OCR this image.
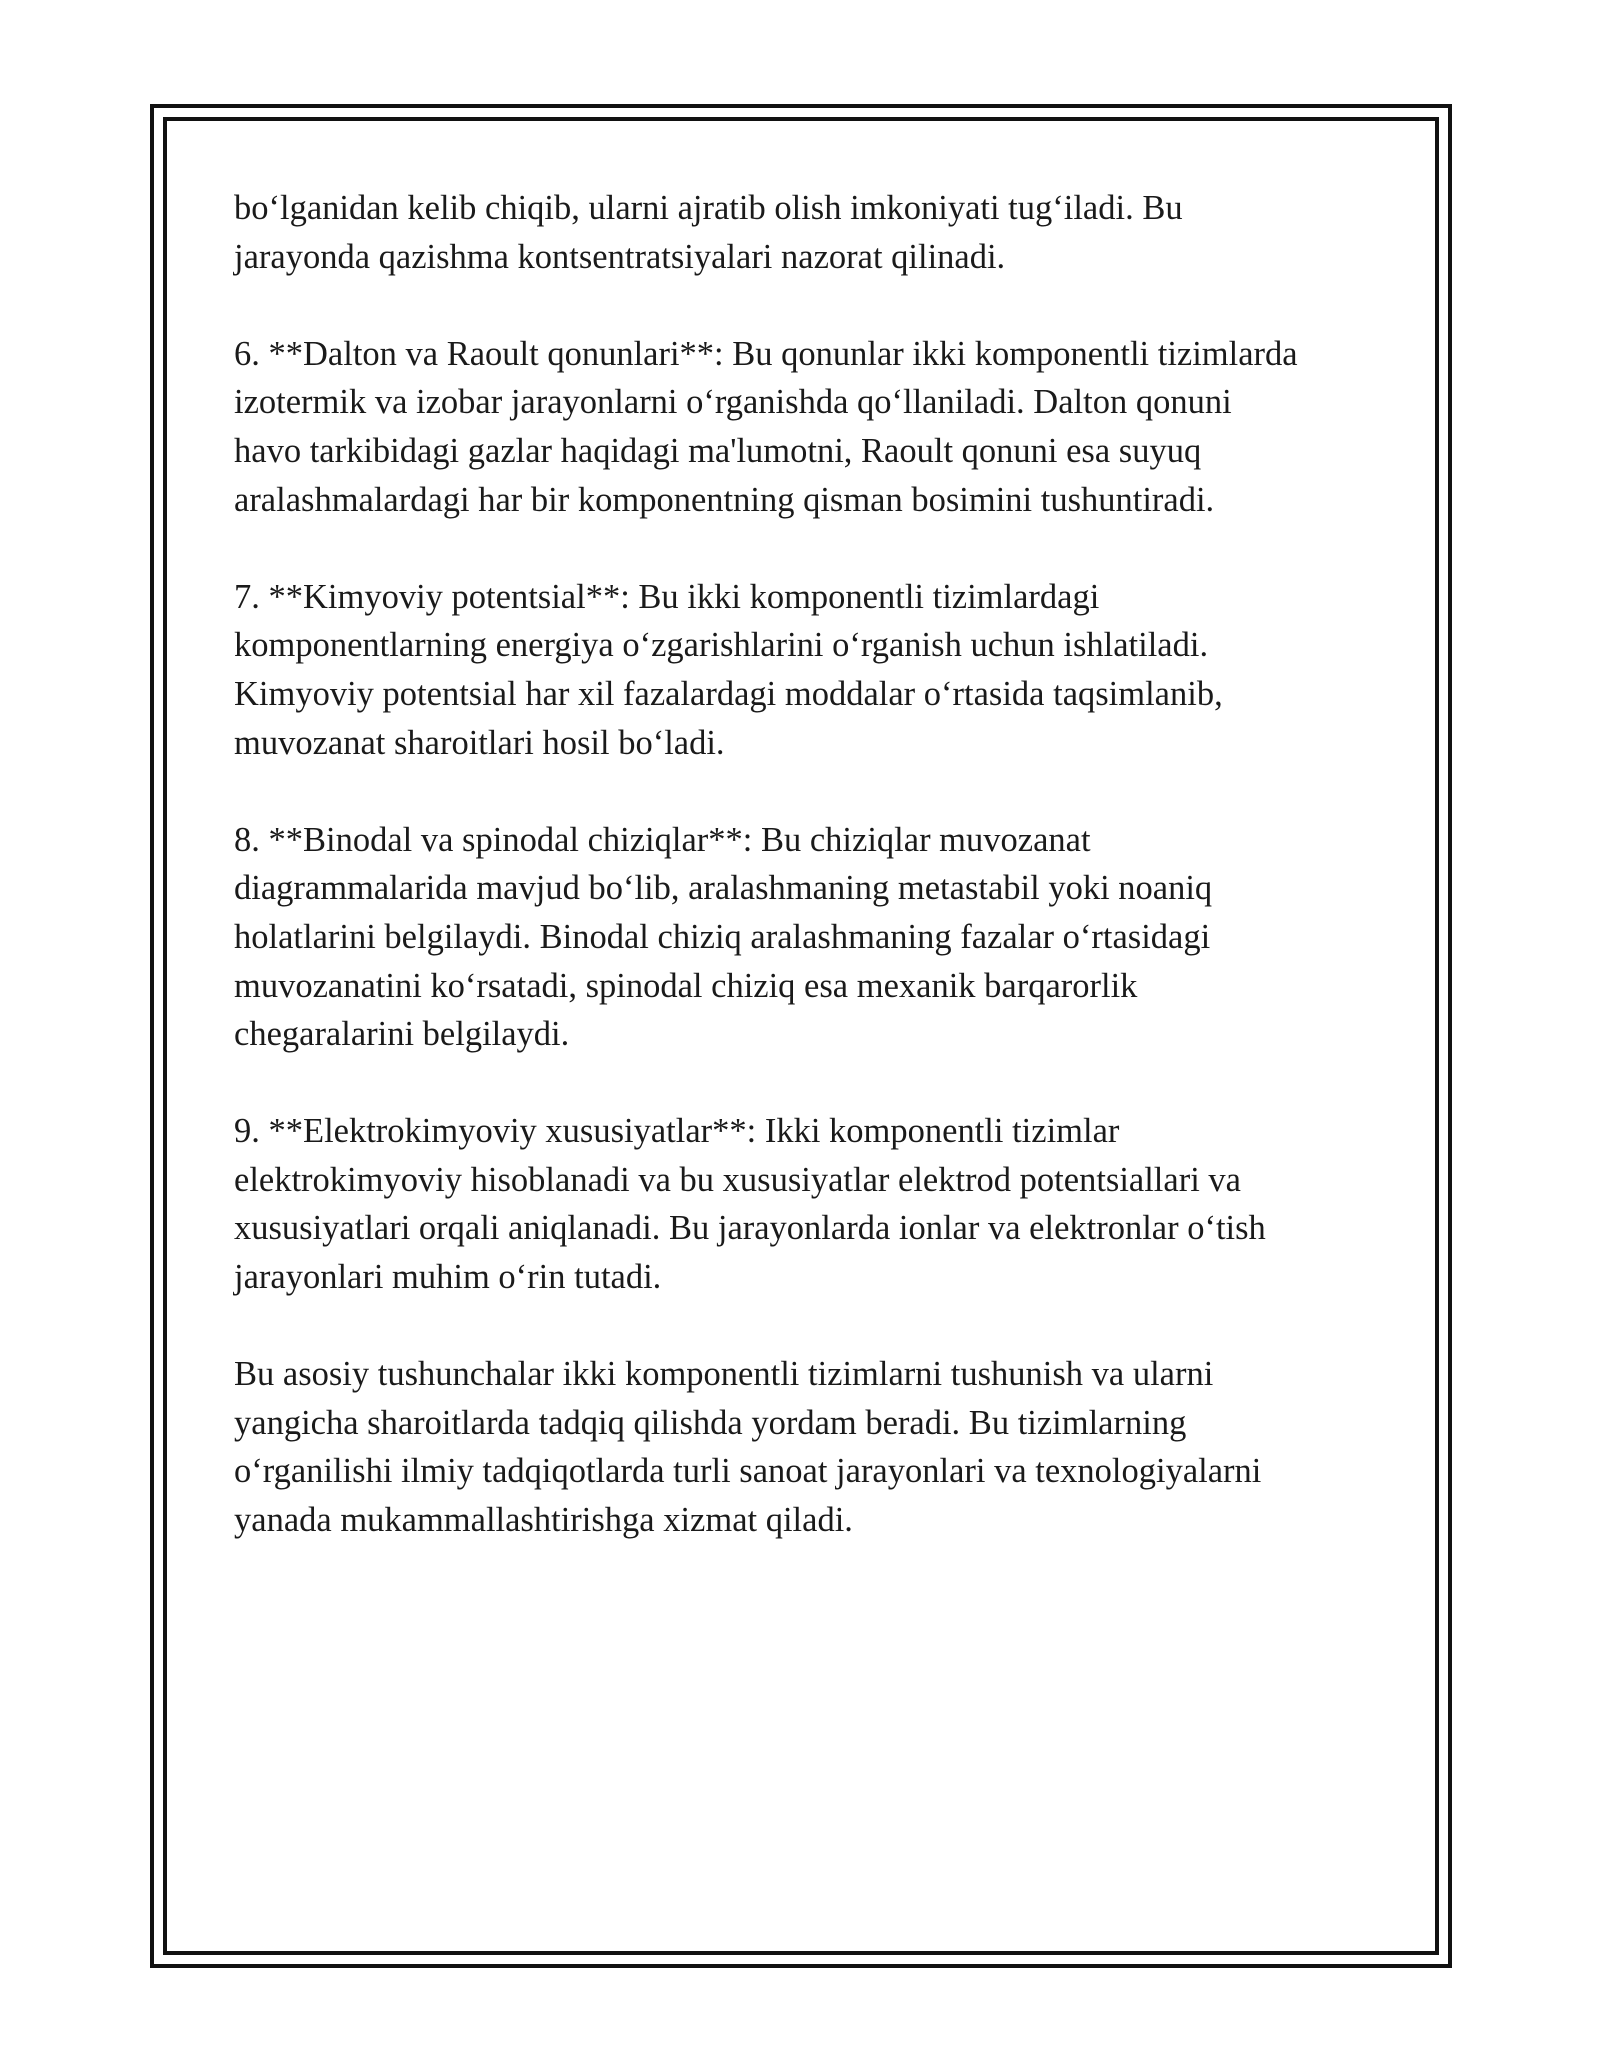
bo‘lganidan kelib chiqib, ularni ajratib olish imkoniyati tug‘iladi. Bu
jarayonda qazishma kontsentratsiyalari nazorat qilinadi.

6. **Dalton va Raoult qonunlari**: Bu qonunlar ikki komponentli tizimlarda
izotermik va izobar jarayonlarni o‘rganishda qo‘llaniladi. Dalton qonuni
havo tarkibidagi gazlar haqidagi ma'lumotni, Raoult qonuni esa suyuq
aralashmalardagi har bir komponentning qisman bosimini tushuntiradi.

7. **Kimyoviy potentsial**: Bu ikki komponentli tizimlardagi
komponentlarning energiya o‘zgarishlarini o‘rganish uchun ishlatiladi.
Kimyoviy potentsial har xil fazalardagi moddalar o‘rtasida taqsimlanib,
muvozanat sharoitlari hosil bo‘ladi.

8. **Binodal va spinodal chiziqlar**: Bu chiziqlar muvozanat
diagrammalarida mavjud bo‘lib, aralashmaning metastabil yoki noaniq
holatlarini belgilaydi. Binodal chiziq aralashmaning fazalar o‘rtasidagi
muvozanatini ko‘rsatadi, spinodal chiziq esa mexanik barqarorlik
chegaralarini belgilaydi.

9. **Elektrokimyoviy xususiyatlar**: Ikki komponentli tizimlar
elektrokimyoviy hisoblanadi va bu xususiyatlar elektrod potentsiallari va
xususiyatlari orqali aniqlanadi. Bu jarayonlarda ionlar va elektronlar o‘tish
jarayonlari muhim o‘rin tutadi.

Bu asosiy tushunchalar ikki komponentli tizimlarni tushunish va ularni
yangicha sharoitlarda tadqiq qilishda yordam beradi. Bu tizimlarning
o‘rganilishi ilmiy tadqiqotlarda turli sanoat jarayonlari va texnologiyalarni
yanada mukammallashtirishga xizmat qiladi.
